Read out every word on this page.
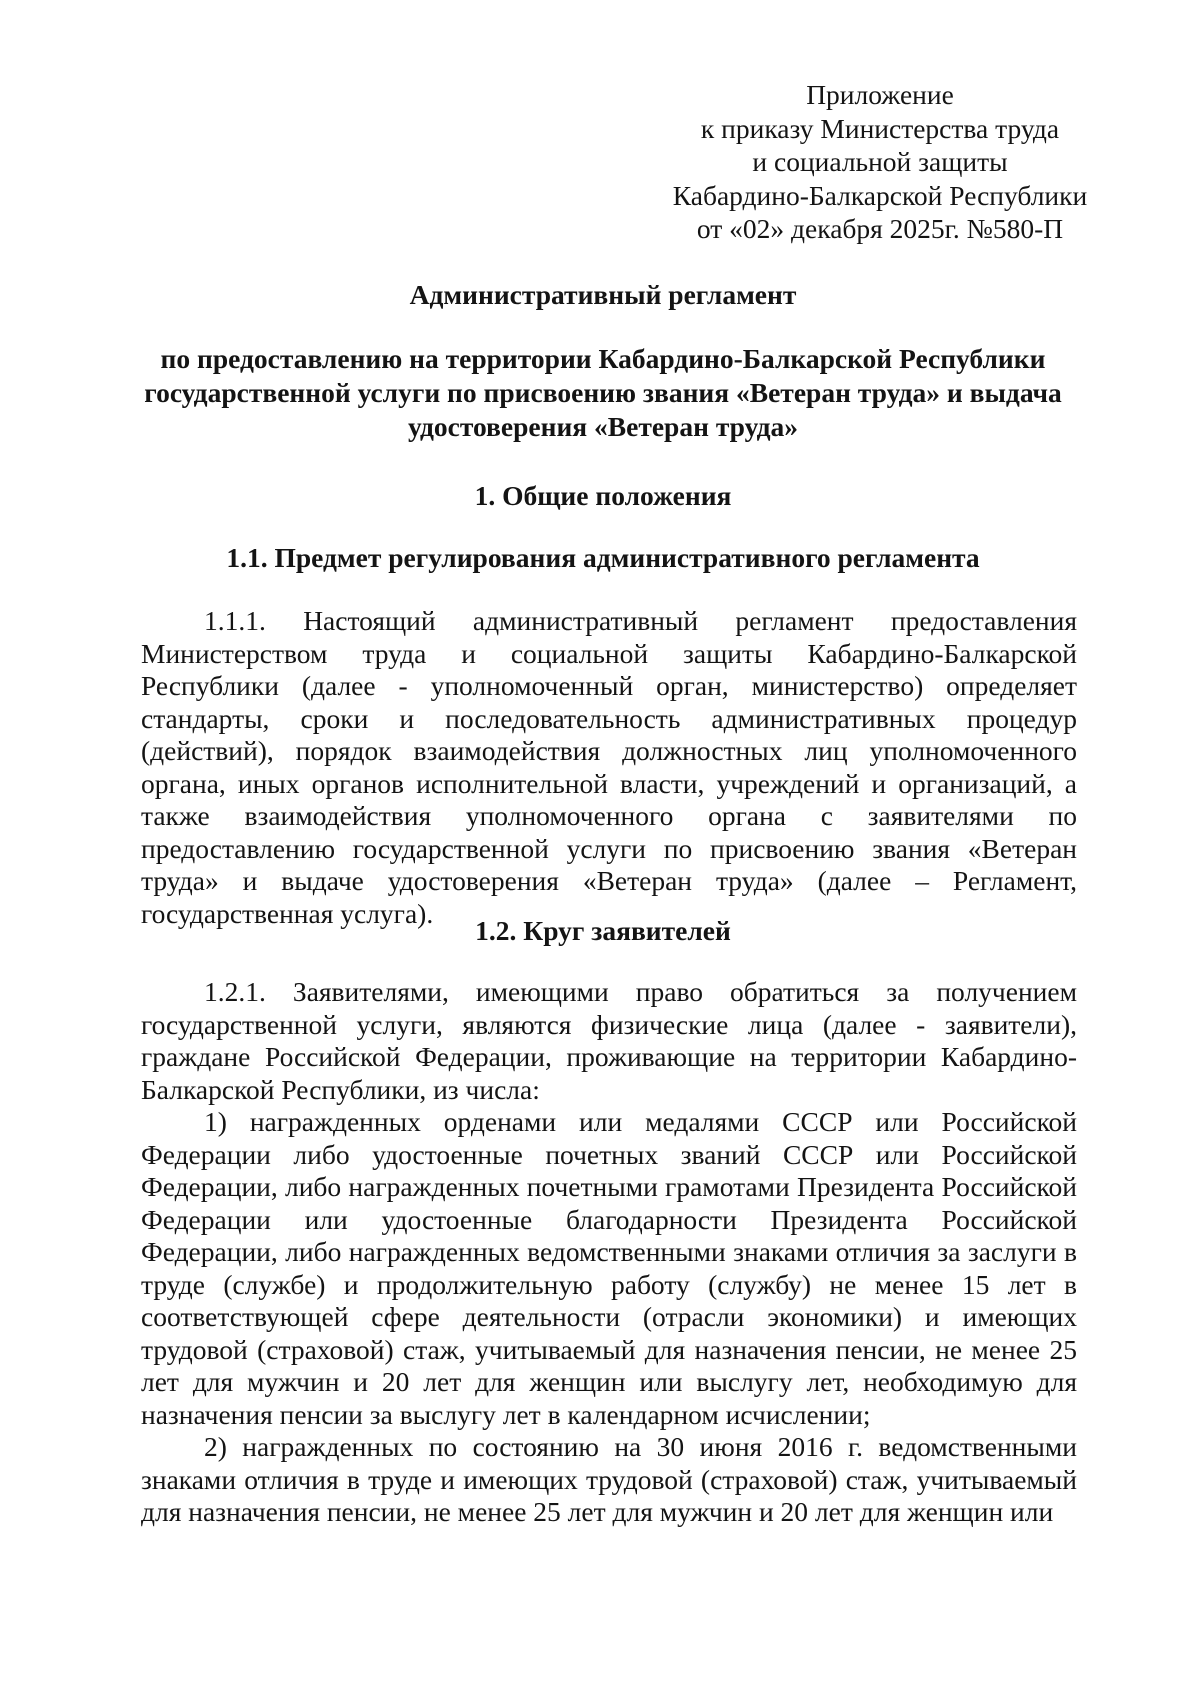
Приложение
к приказу Министерства труда
и социальной защиты
Кабардино-Балкарской Республики
от «02» декабря 2025г. №580-П
Административный регламент
по предоставлению на территории Кабардино-Балкарской Республики государственной услуги по присвоению звания «Ветеран труда» и выдача удостоверения «Ветеран труда»
1. Общие положения
1.1. Предмет регулирования административного регламента

1.1.1. Настоящий административный регламент предоставления Министерством труда и социальной защиты Кабардино-Балкарской Республики (далее - уполномоченный орган, министерство) определяет стандарты, сроки и последовательность административных процедур (действий), порядок взаимодействия должностных лиц уполномоченного органа, иных органов исполнительной власти, учреждений и организаций, а также взаимодействия уполномоченного органа с заявителями по предоставлению государственной услуги по присвоению звания «Ветеран труда» и выдаче удостоверения «Ветеран труда» (далее – Регламент, государственная услуга).

1.2. Круг заявителей

1.2.1. Заявителями, имеющими право обратиться за получением государственной услуги, являются физические лица (далее - заявители), граждане Российской Федерации, проживающие на территории Кабардино-Балкарской Республики, из числа:

1) награжденных орденами или медалями СССР или Российской Федерации либо удостоенные почетных званий СССР или Российской Федерации, либо награжденных почетными грамотами Президента Российской Федерации или удостоенные благодарности Президента Российской Федерации, либо награжденных ведомственными знаками отличия за заслуги в труде (службе) и продолжительную работу (службу) не менее 15 лет в соответствующей сфере деятельности (отрасли экономики) и имеющих трудовой (страховой) стаж, учитываемый для назначения пенсии, не менее 25 лет для мужчин и 20 лет для женщин или выслугу лет, необходимую для назначения пенсии за выслугу лет в календарном исчислении;

2) награжденных по состоянию на 30 июня 2016 г. ведомственными знаками отличия в труде и имеющих трудовой (страховой) стаж, учитываемый для назначения пенсии, не менее 25 лет для мужчин и 20 лет для женщин или
